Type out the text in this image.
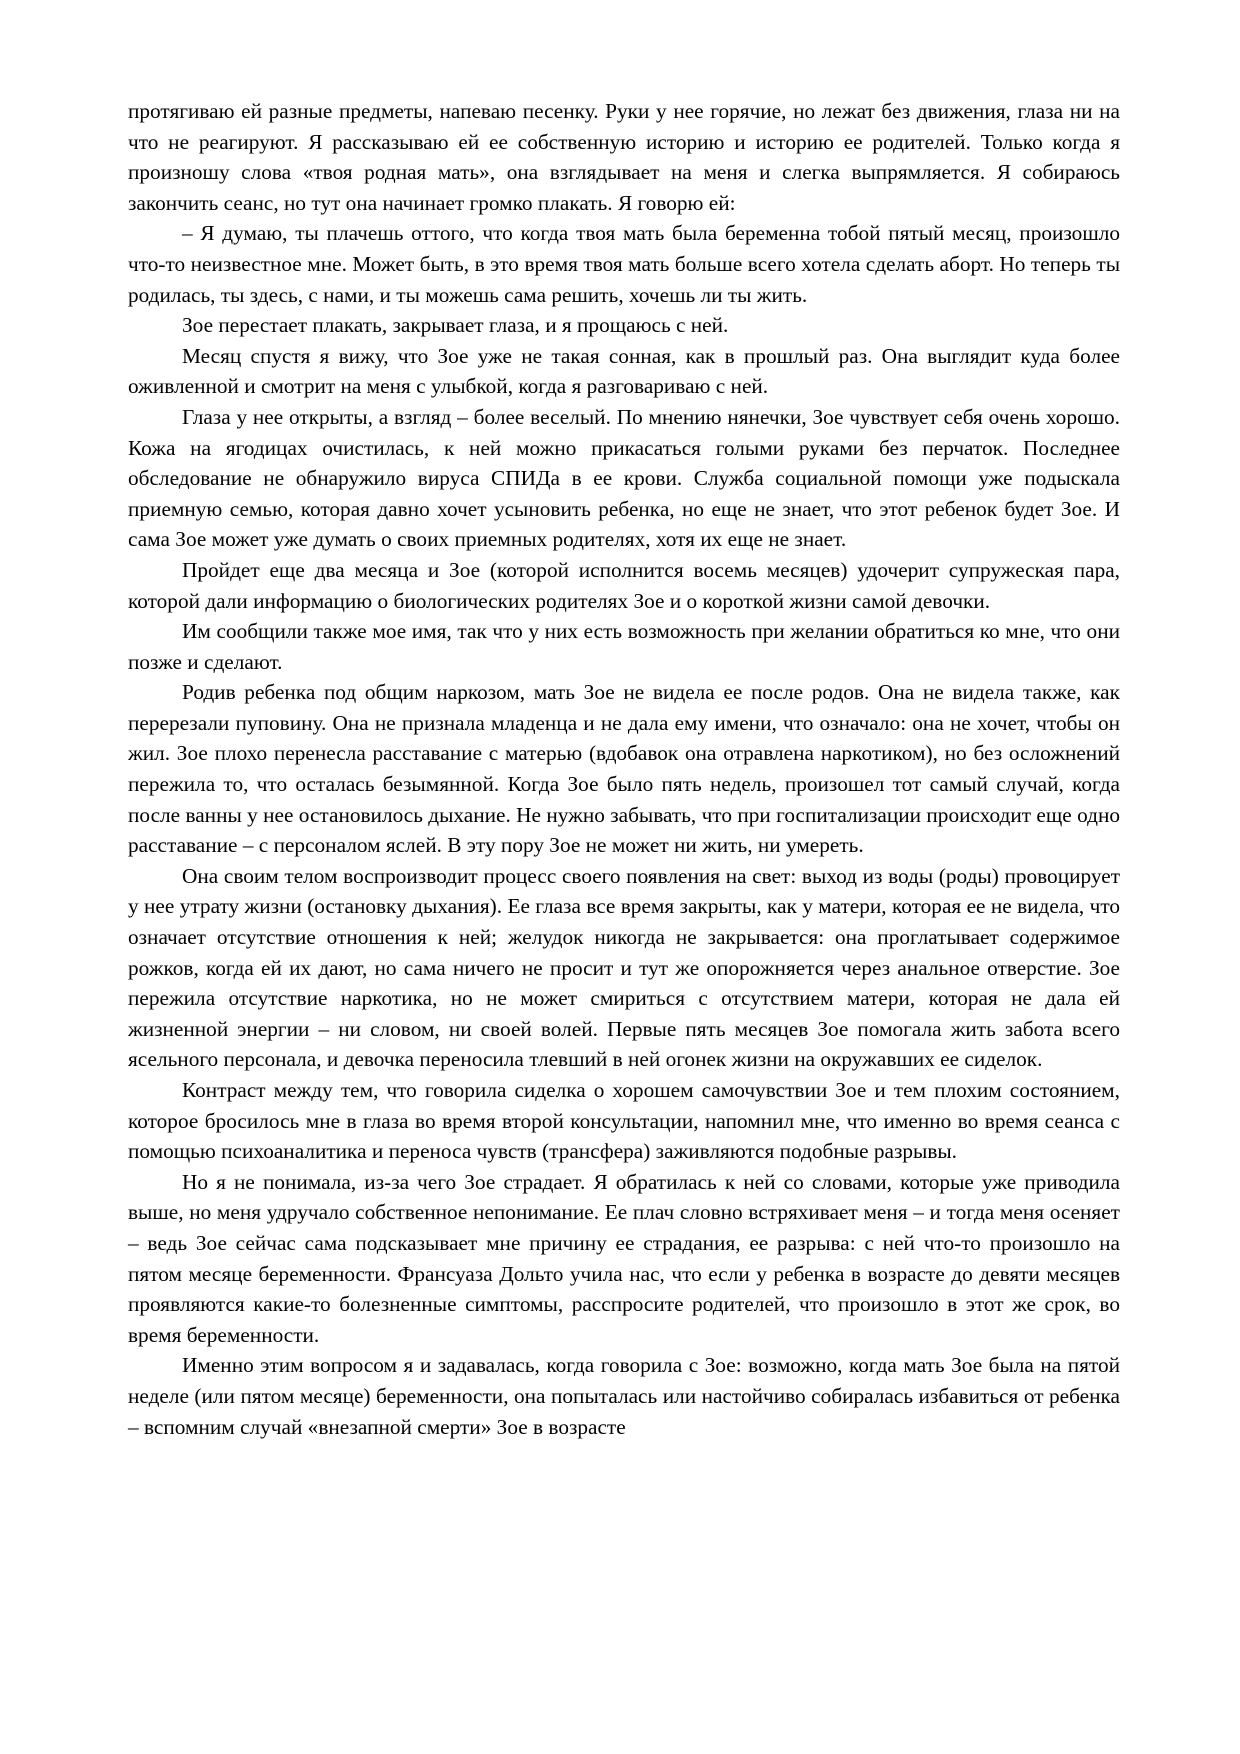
протягиваю ей разные предметы, напеваю песенку. Руки у нее горячие, но лежат без движения, глаза ни на что не реагируют. Я рассказываю ей ее собственную историю и историю ее родителей. Только когда я произношу слова «твоя родная мать», она взглядывает на меня и слегка выпрямляется. Я собираюсь закончить сеанс, но тут она начинает громко плакать. Я говорю ей:

– Я думаю, ты плачешь оттого, что когда твоя мать была беременна тобой пятый месяц, произошло что-то неизвестное мне. Может быть, в это время твоя мать больше всего хотела сделать аборт. Но теперь ты родилась, ты здесь, с нами, и ты можешь сама решить, хочешь ли ты жить.

Зое перестает плакать, закрывает глаза, и я прощаюсь с ней.

Месяц спустя я вижу, что Зое уже не такая сонная, как в прошлый раз. Она выглядит куда более оживленной и смотрит на меня с улыбкой, когда я разговариваю с ней.

Глаза у нее открыты, а взгляд – более веселый. По мнению нянечки, Зое чувствует себя очень хорошо. Кожа на ягодицах очистилась, к ней можно прикасаться голыми руками без перчаток. Последнее обследование не обнаружило вируса СПИДа в ее крови. Служба социальной помощи уже подыскала приемную семью, которая давно хочет усыновить ребенка, но еще не знает, что этот ребенок будет Зое. И сама Зое может уже думать о своих приемных родителях, хотя их еще не знает.

Пройдет еще два месяца и Зое (которой исполнится восемь месяцев) удочерит супружеская пара, которой дали информацию о биологических родителях Зое и о короткой жизни самой девочки.

Им сообщили также мое имя, так что у них есть возможность при желании обратиться ко мне, что они позже и сделают.

Родив ребенка под общим наркозом, мать Зое не видела ее после родов. Она не видела также, как перерезали пуповину. Она не признала младенца и не дала ему имени, что означало: она не хочет, чтобы он жил. Зое плохо перенесла расставание с матерью (вдобавок она отравлена наркотиком), но без осложнений пережила то, что осталась безымянной. Когда Зое было пять недель, произошел тот самый случай, когда после ванны у нее остановилось дыхание. Не нужно забывать, что при госпитализации происходит еще одно расставание – с персоналом яслей. В эту пору Зое не может ни жить, ни умереть.

Она своим телом воспроизводит процесс своего появления на свет: выход из воды (роды) провоцирует у нее утрату жизни (остановку дыхания). Ее глаза все время закрыты, как у матери, которая ее не видела, что означает отсутствие отношения к ней; желудок никогда не закрывается: она проглатывает содержимое рожков, когда ей их дают, но сама ничего не просит и тут же опорожняется через анальное отверстие. Зое пережила отсутствие наркотика, но не может смириться с отсутствием матери, которая не дала ей жизненной энергии – ни словом, ни своей волей. Первые пять месяцев Зое помогала жить забота всего ясельного персонала, и девочка переносила тлевший в ней огонек жизни на окружавших ее сиделок.

Контраст между тем, что говорила сиделка о хорошем самочувствии Зое и тем плохим состоянием, которое бросилось мне в глаза во время второй консультации, напомнил мне, что именно во время сеанса с помощью психоаналитика и переноса чувств (трансфера) заживляются подобные разрывы.

Но я не понимала, из-за чего Зое страдает. Я обратилась к ней со словами, которые уже приводила выше, но меня удручало собственное непонимание. Ее плач словно встряхивает меня – и тогда меня осеняет – ведь Зое сейчас сама подсказывает мне причину ее страдания, ее разрыва: с ней что-то произошло на пятом месяце беременности. Франсуаза Дольто учила нас, что если у ребенка в возрасте до девяти месяцев проявляются какие-то болезненные симптомы, расспросите родителей, что произошло в этот же срок, во время беременности.

Именно этим вопросом я и задавалась, когда говорила с Зое: возможно, когда мать Зое была на пятой неделе (или пятом месяце) беременности, она попыталась или настойчиво собиралась избавиться от ребенка – вспомним случай «внезапной смерти» Зое в возрасте
